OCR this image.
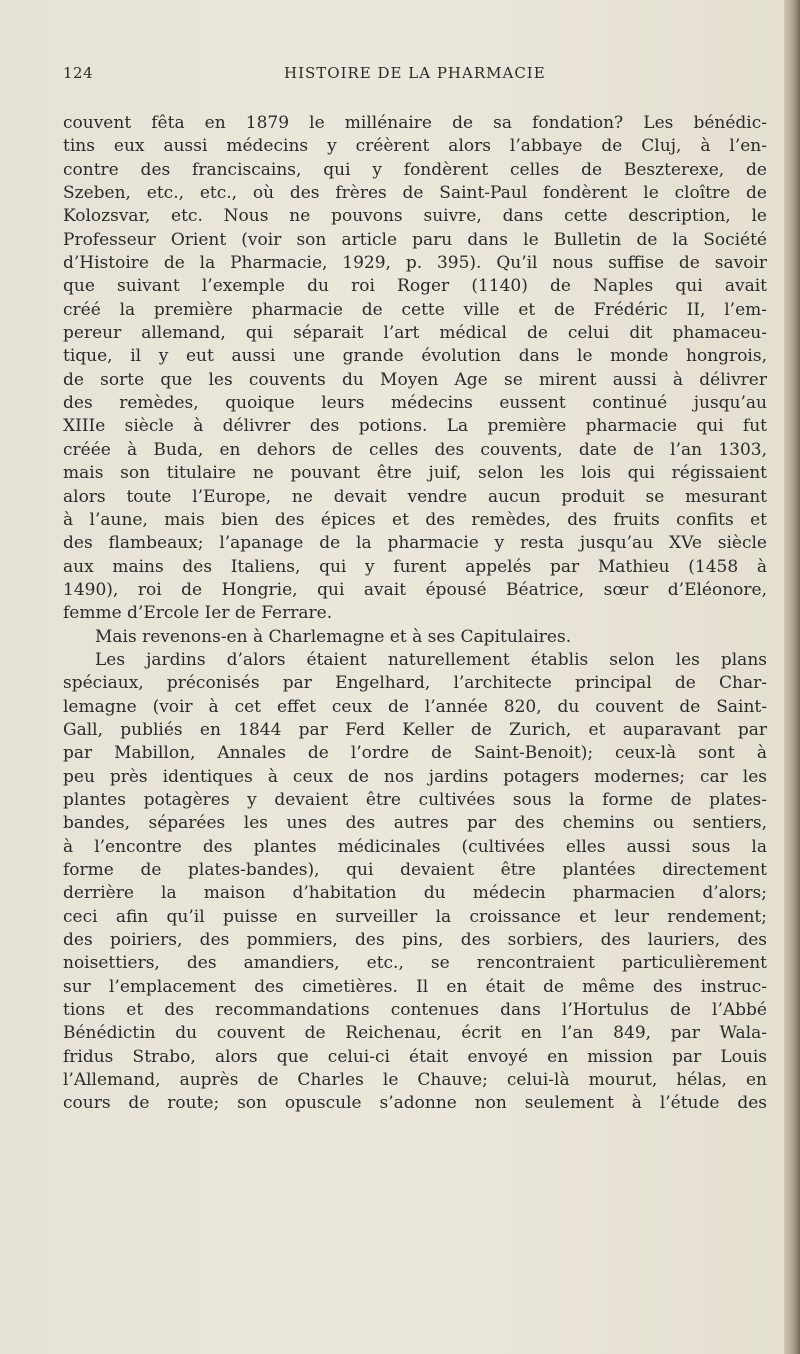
124	HISTOIRE DE LA PHARMACIE
couvent fêta en 1879 le millénaire de sa fondation? Les bénédic-
tins eux aussi médecins y créèrent alors l’abbaye de Cluj, à l’en-
contre des franciscains, qui y fondèrent celles de Beszterexe, de
Szeben, etc., etc., où des frères de Saint-Paul fondèrent le cloître de
Kolozsvar, etc. Nous ne pouvons suivre, dans cette description, le
Professeur Orient (voir son article paru dans le Bulletin de la Société
d’Histoire de la Pharmacie, 1929, p. 395). Qu’il nous suffise de savoir
que suivant l’exemple du roi Roger (1140) de Naples qui avait
créé la première pharmacie de cette ville et de Frédéric II, l’em-
pereur allemand, qui séparait l’art médical de celui dit phamaceu-
tique, il y eut aussi une grande évolution dans le monde hongrois,
de sorte que les couvents du Moyen Age se mirent aussi à délivrer
des remèdes, quoique leurs médecins eussent continué jusqu’au
XIIIe siècle à délivrer des potions. La première pharmacie qui fut
créée à Buda, en dehors de celles des couvents, date de l’an 1303,
mais son titulaire ne pouvant être juif, selon les lois qui régissaient
alors toute l’Europe, ne devait vendre aucun produit se mesurant
à l’aune, mais bien des épices et des remèdes, des fruits confits et
des flambeaux; l’apanage de la pharmacie y resta jusqu’au XVe siècle
aux mains des Italiens, qui y furent appelés par Mathieu (1458 à
1490), roi de Hongrie, qui avait épousé Béatrice, sœur d’Eléonore,
femme d’Ercole Ier de Ferrare.
Mais revenons-en à Charlemagne et à ses Capitulaires.
Les jardins d’alors étaient naturellement établis selon les plans
spéciaux, préconisés par Engelhard, l’architecte principal de Char-
lemagne (voir à cet effet ceux de l’année 820, du couvent de Saint-
Gall, publiés en 1844 par Ferd Keller de Zurich, et auparavant par
par Mabillon, Annales de l’ordre de Saint-Benoit); ceux-là sont à
peu près identiques à ceux de nos jardins potagers modernes; car les
plantes potagères y devaient être cultivées sous la forme de plates-
bandes, séparées les unes des autres par des chemins ou sentiers,
à l’encontre des plantes médicinales (cultivées elles aussi sous la
forme de plates-bandes), qui devaient être plantées directement
derrière la maison d’habitation du médecin pharmacien d’alors;
ceci afin qu’il puisse en surveiller la croissance et leur rendement;
des poiriers, des pommiers, des pins, des sorbiers, des lauriers, des
noisettiers, des amandiers, etc., se rencontraient particulièrement
sur l’emplacement des cimetières. Il en était de même des instruc-
tions et des recommandations contenues dans l’Hortulus de l’Abbé
Bénédictin du couvent de Reichenau, écrit en l’an 849, par Wala-
fridus Strabo, alors que celui-ci était envoyé en mission par Louis
l’Allemand, auprès de Charles le Chauve; celui-là mourut, hélas, en
cours de route; son opuscule s’adonne non seulement à l’étude des
